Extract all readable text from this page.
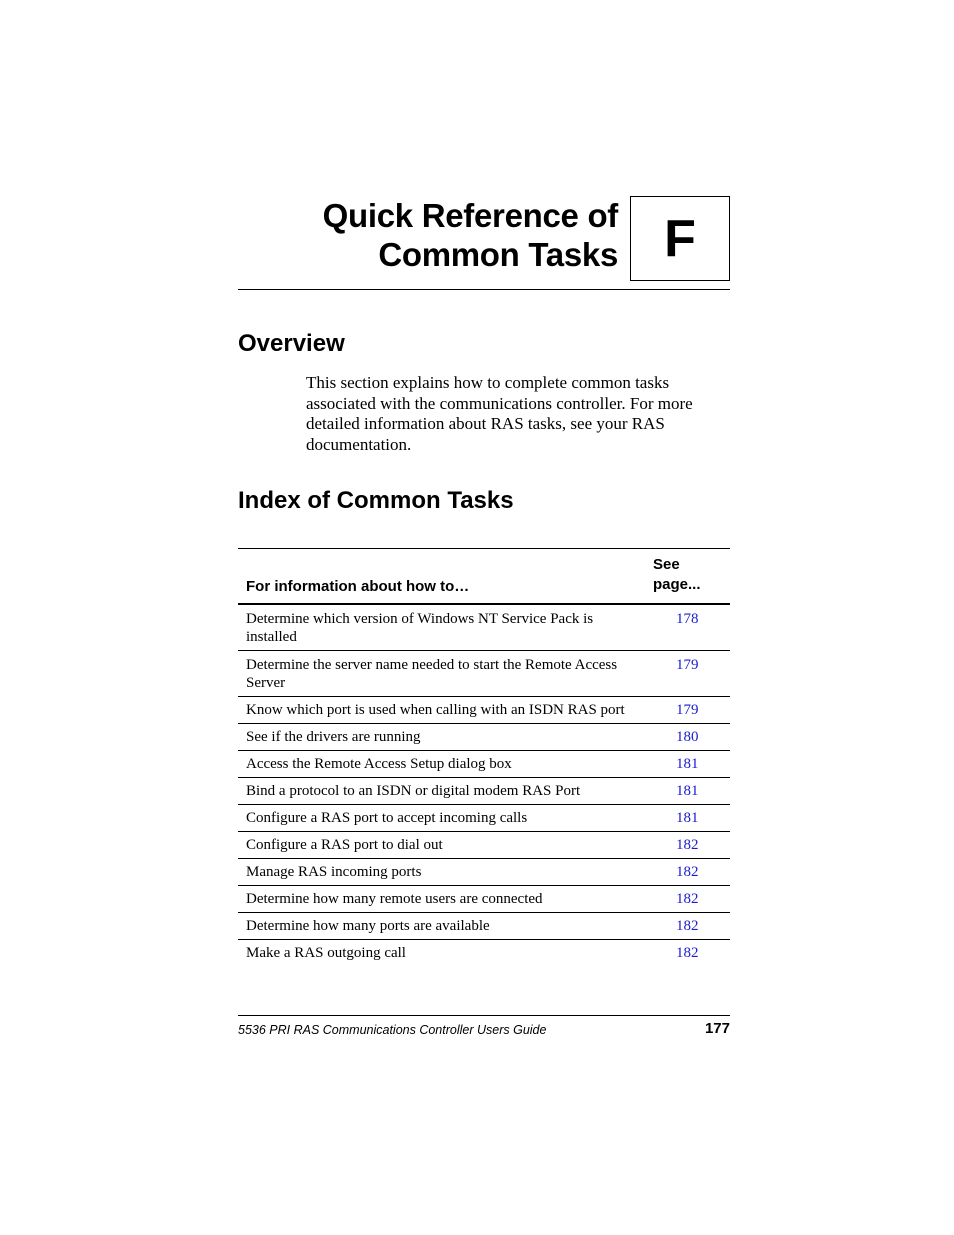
Quick Reference of
Common Tasks F
Overview
This section explains how to complete common tasks associated with the communications controller. For more detailed information about RAS tasks, see your RAS documentation.
Index of Common Tasks
For information about how to…	See
page...

Determine which version of Windows NT Service Pack is installed	178
Determine the server name needed to start the Remote Access Server	179
Know which port is used when calling with an ISDN RAS port	179
See if the drivers are running	180
Access the Remote Access Setup dialog box	181
Bind a protocol to an ISDN or digital modem RAS Port	181
Configure a RAS port to accept incoming calls	181
Configure a RAS port to dial out	182
Manage RAS incoming ports	182
Determine how many remote users are connected	182
Determine how many ports are available	182
Make a RAS outgoing call	182
5536 PRI RAS Communications Controller Users Guide	177
